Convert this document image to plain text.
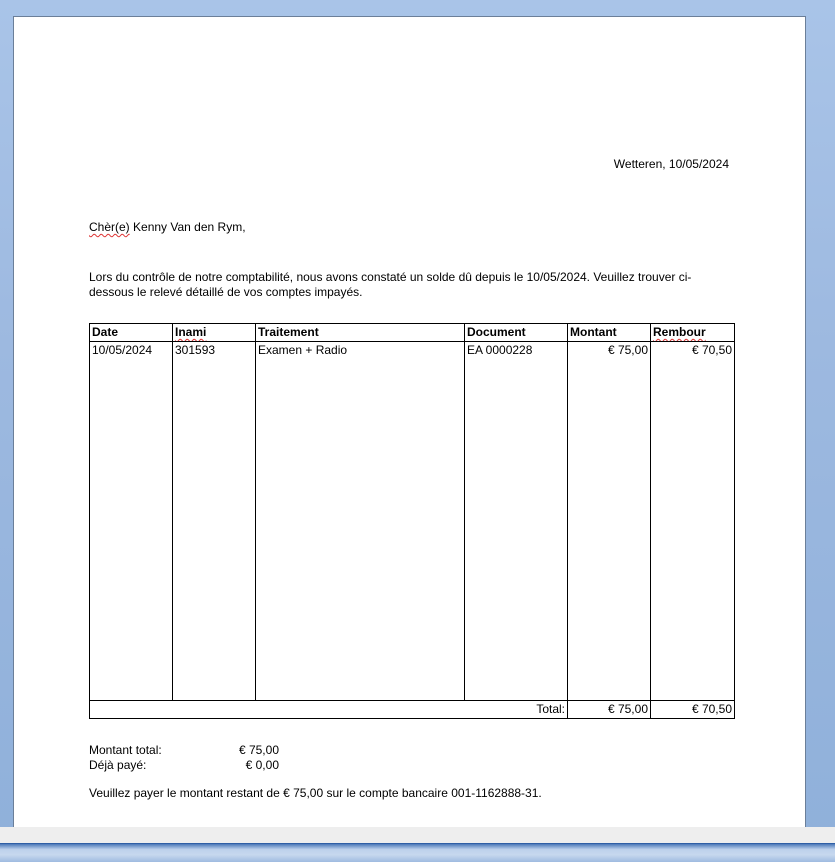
Wetteren, 10/05/2024
Chèr(e) Kenny Van den Rym,
Lors du contrôle de notre comptabilité, nous avons constaté un solde dû depuis le 10/05/2024. Veuillez trouver ci-dessous le relevé détaillé de vos comptes impayés.
Date	Inami	Traitement	Document	Montant	Rembour
10/05/2024	301593	Examen + Radio	EA 0000228	€ 75,00	€ 70,50
Total:				€ 75,00	€ 70,50
Montant total:	€ 75,00
Déjà payé:	€ 0,00
Veuillez payer le montant restant de € 75,00 sur le compte bancaire 001-1162888-31.
